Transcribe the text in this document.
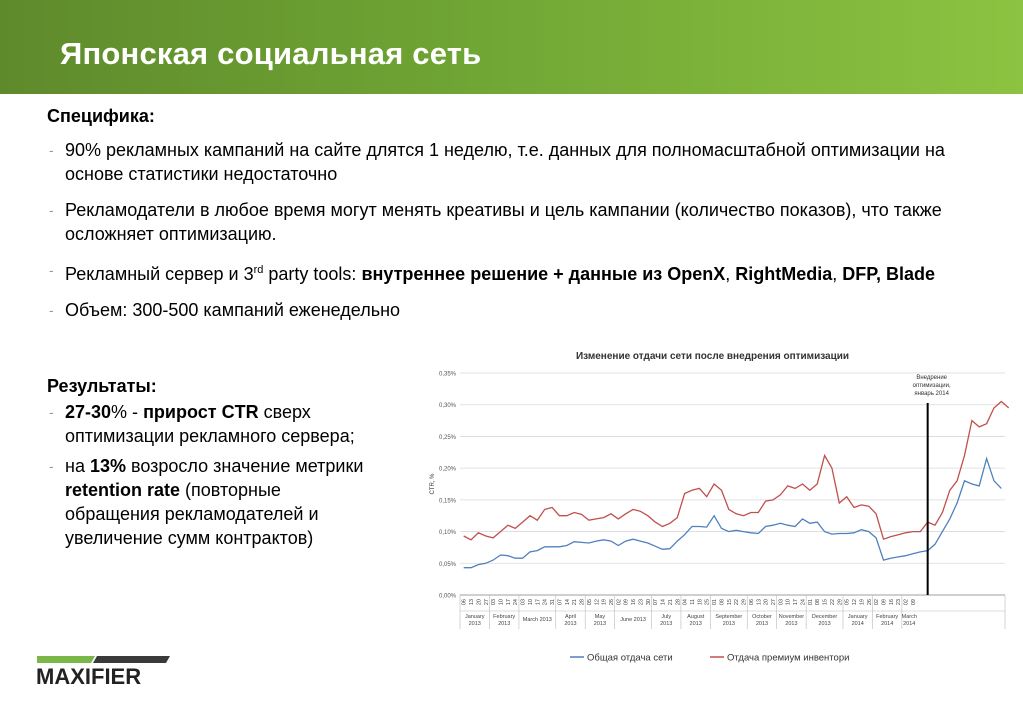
Японская социальная сеть
Специфика:
- 90% рекламных кампаний на сайте длятся 1 неделю, т.е. данных для полномасштабной оптимизации на основе статистики недостаточно
- Рекламодатели в любое время могут менять креативы и цель кампании (количество показов), что также осложняет оптимизацию.
- Рекламный сервер и 3rd party tools: внутреннее решение + данные из OpenX, RightMedia, DFP, Blade
- Объем: 300-500 кампаний еженедельно
Результаты:
- 27-30% - прирост CTR сверх оптимизации рекламного сервера;
- на 13% возросло значение метрики retention rate (повторные обращения рекламодателей и увеличение сумм контрактов)
Изменение отдачи сети после внедрения оптимизации
0,00%
0,05%
0,10%
0,15%
0,20%
0,25%
0,30%
0,35%
CTR, %
06 13 20 27 03 10 17 24 03 10 17 24 31 07 14 21 28 05 12 19 26 02 09 16 23 30 07 14 21 28 04 11 18 25 01 08 15 22 29 06 13 20 27 03 10 17 24 01 08 15 22 29 05 12 19 26 02 09 16 23 02 09
January
2013
February
2013
March 2013 April
2013
May
2013
June 2013	July
2013
August
2013
September
2013
October
2013
November
2013
December
2013
January
2014
February
2014
March
2014
Внедрение
оптимизации,
январь 2014
Общая отдача сети	Отдача премиум инвентори
MAXIFIER
